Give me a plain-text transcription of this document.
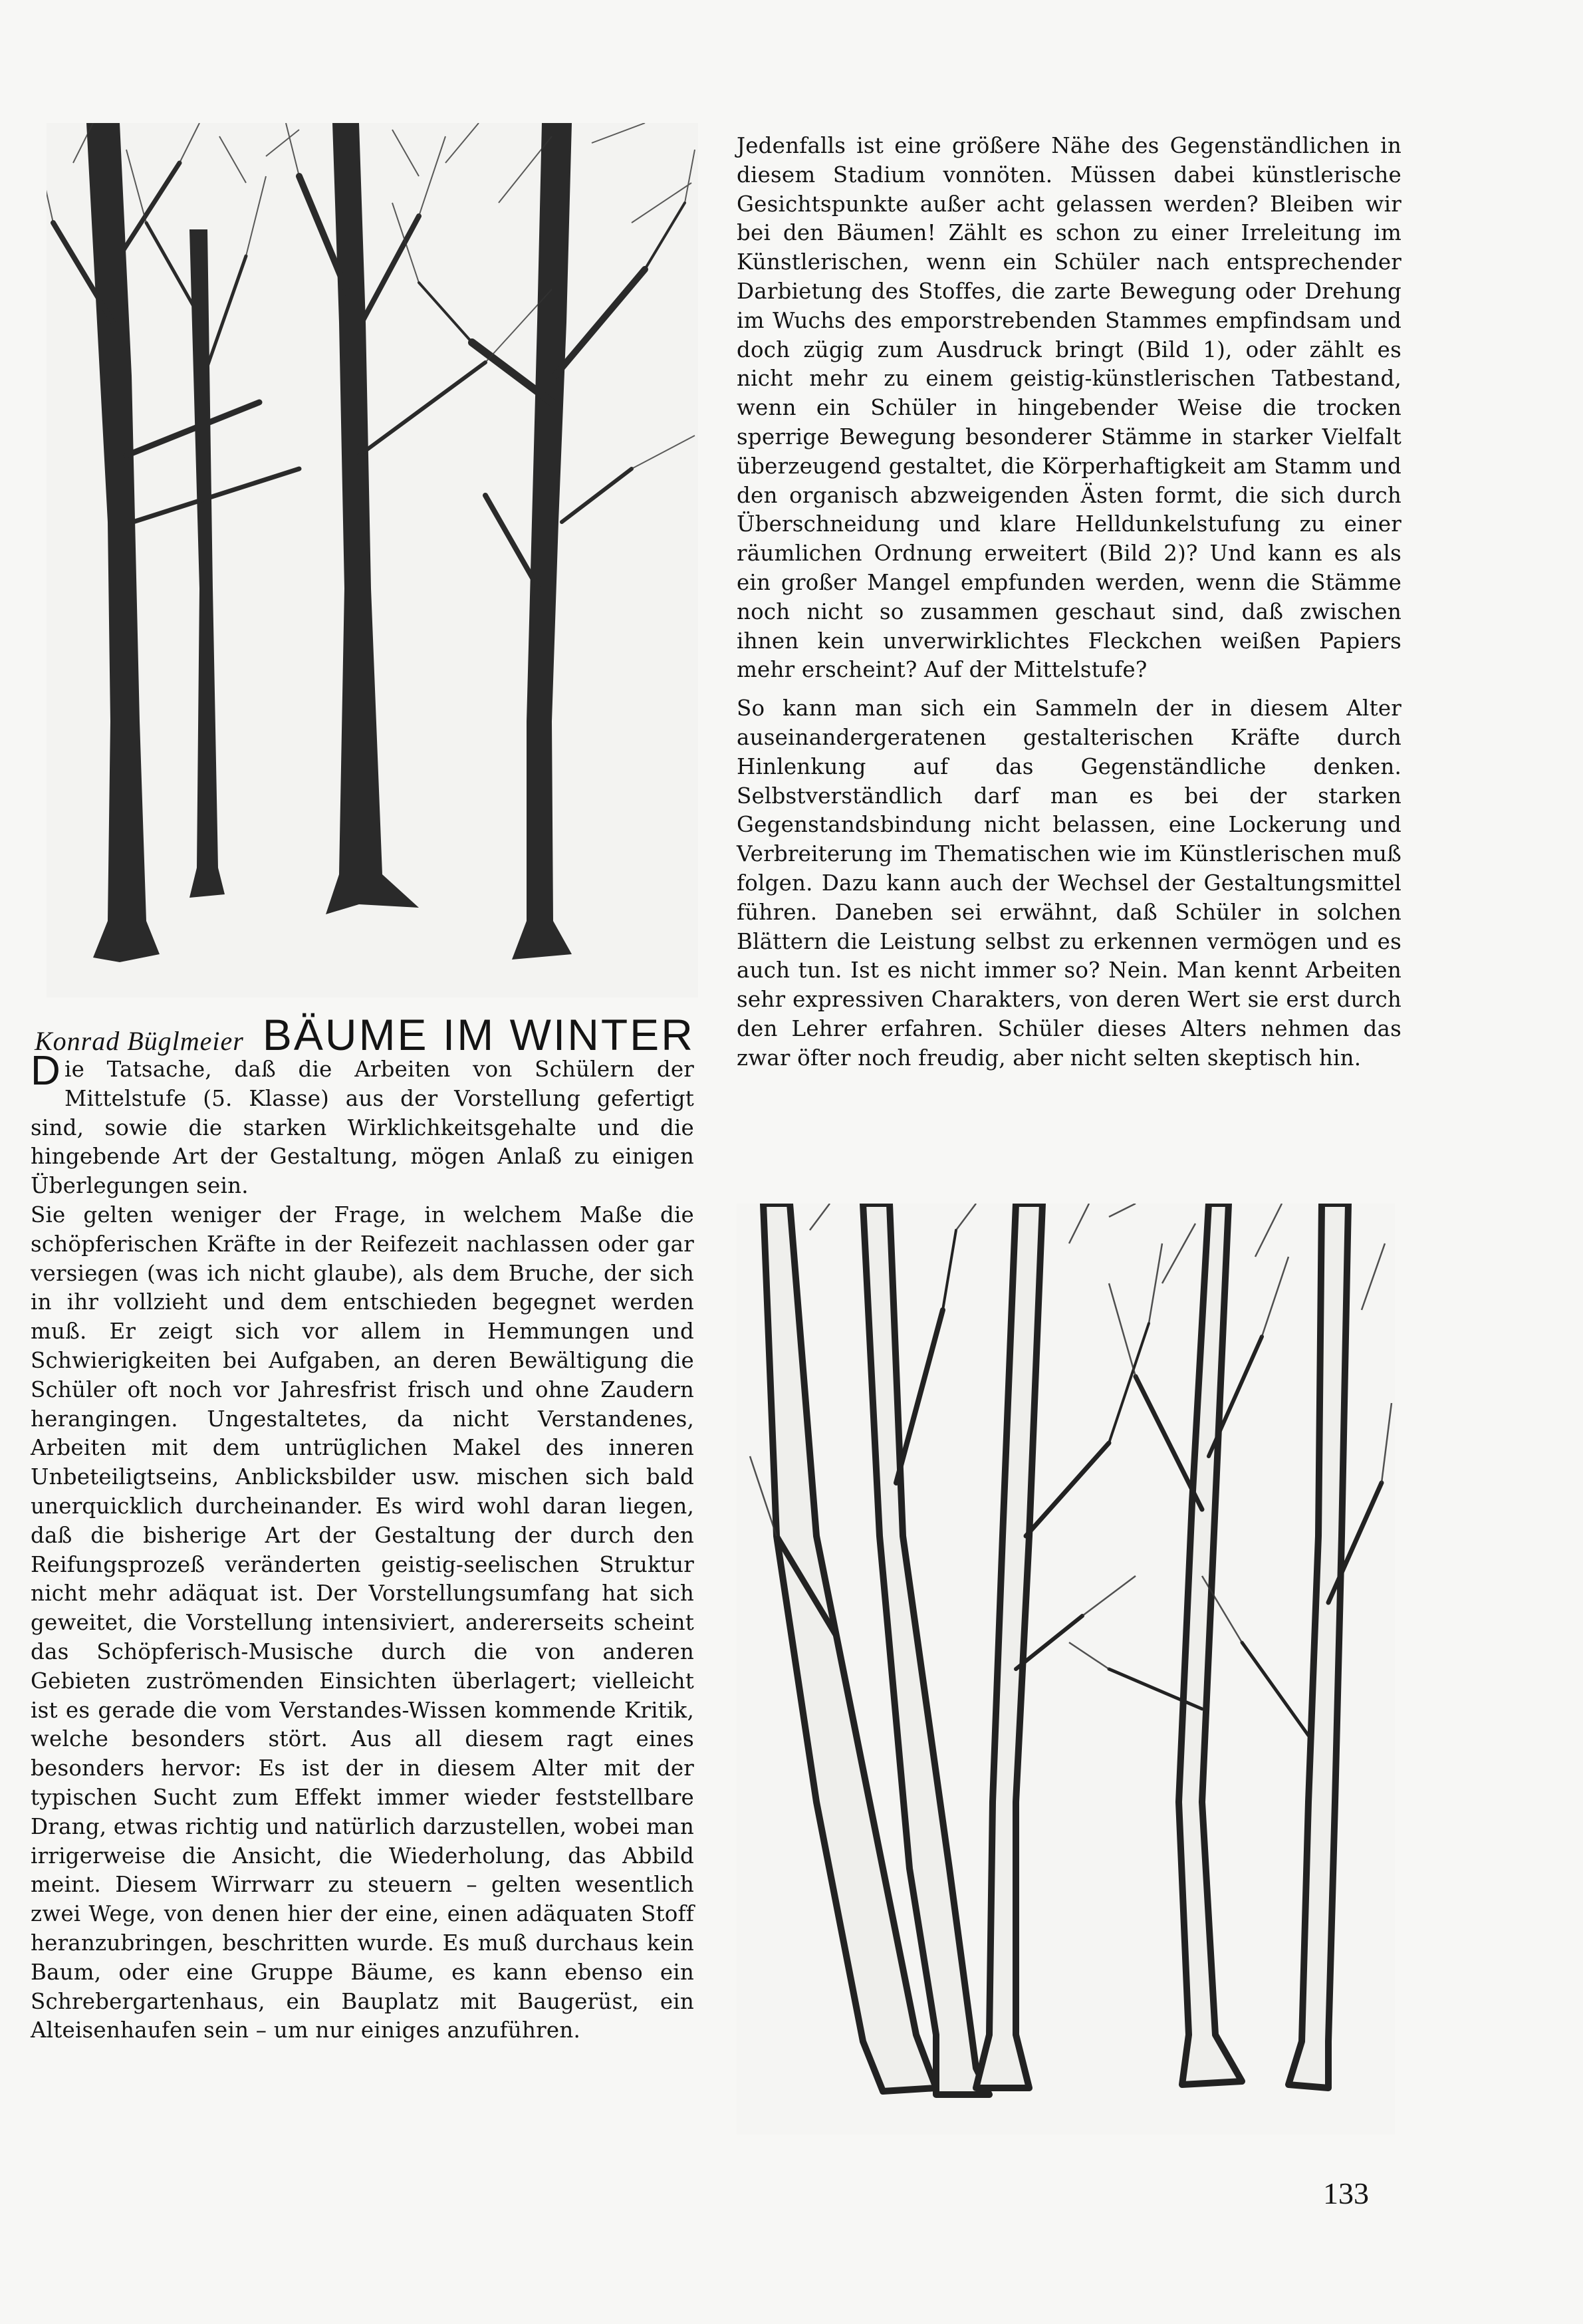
Konrad Büglmeier BÄUME IM WINTER

Die Tatsache, daß die Arbeiten von Schülern der Mittelstufe (5. Klasse) aus der Vorstellung gefertigt sind, sowie die starken Wirklichkeitsgehalte und die hingebende Art der Gestaltung, mögen Anlaß zu einigen Überlegungen sein.

Sie gelten weniger der Frage, in welchem Maße die schöpferischen Kräfte in der Reifezeit nachlassen oder gar versiegen (was ich nicht glaube), als dem Bruche, der sich in ihr vollzieht und dem entschieden begegnet werden muß. Er zeigt sich vor allem in Hemmungen und Schwierigkeiten bei Aufgaben, an deren Bewältigung die Schüler oft noch vor Jahresfrist frisch und ohne Zaudern herangingen. Ungestaltetes, da nicht Verstandenes, Arbeiten mit dem untrüglichen Makel des inneren Unbeteiligtseins, Anblicksbilder usw. mischen sich bald unerquicklich durcheinander. Es wird wohl daran liegen, daß die bisherige Art der Gestaltung der durch den Reifungsprozeß veränderten geistig-seelischen Struktur nicht mehr adäquat ist. Der Vorstellungsumfang hat sich geweitet, die Vorstellung intensiviert, andererseits scheint das Schöpferisch-Musische durch die von anderen Gebieten zuströmenden Einsichten überlagert; vielleicht ist es gerade die vom Verstandes-Wissen kommende Kritik, welche besonders stört. Aus all diesem ragt eines besonders hervor: Es ist der in diesem Alter mit der typischen Sucht zum Effekt immer wieder feststellbare Drang, etwas richtig und natürlich darzustellen, wobei man irrigerweise die Ansicht, die Wiederholung, das Abbild meint. Diesem Wirrwarr zu steuern – gelten wesentlich zwei Wege, von denen hier der eine, einen adäquaten Stoff heranzubringen, beschritten wurde. Es muß durchaus kein Baum, oder eine Gruppe Bäume, es kann ebenso ein Schrebergartenhaus, ein Bauplatz mit Baugerüst, ein Alteisenhaufen sein – um nur einiges anzuführen.

Jedenfalls ist eine größere Nähe des Gegenständlichen in diesem Stadium vonnöten. Müssen dabei künstlerische Gesichtspunkte außer acht gelassen werden? Bleiben wir bei den Bäumen! Zählt es schon zu einer Irreleitung im Künstlerischen, wenn ein Schüler nach entsprechender Darbietung des Stoffes, die zarte Bewegung oder Drehung im Wuchs des emporstrebenden Stammes empfindsam und doch zügig zum Ausdruck bringt (Bild 1), oder zählt es nicht mehr zu einem geistig-künstlerischen Tatbestand, wenn ein Schüler in hingebender Weise die trocken sperrige Bewegung besonderer Stämme in starker Vielfalt überzeugend gestaltet, die Körperhaftigkeit am Stamm und den organisch abzweigenden Ästen formt, die sich durch Überschneidung und klare Helldunkelstufung zu einer räumlichen Ordnung erweitert (Bild 2)? Und kann es als ein großer Mangel empfunden werden, wenn die Stämme noch nicht so zusammen geschaut sind, daß zwischen ihnen kein unverwirklichtes Fleckchen weißen Papiers mehr erscheint? Auf der Mittelstufe?

So kann man sich ein Sammeln der in diesem Alter auseinandergeratenen gestalterischen Kräfte durch Hinlenkung auf das Gegenständliche denken. Selbstverständlich darf man es bei der starken Gegenstandsbindung nicht belassen, eine Lockerung und Verbreiterung im Thematischen wie im Künstlerischen muß folgen. Dazu kann auch der Wechsel der Gestaltungsmittel führen. Daneben sei erwähnt, daß Schüler in solchen Blättern die Leistung selbst zu erkennen vermögen und es auch tun. Ist es nicht immer so? Nein. Man kennt Arbeiten sehr expressiven Charakters, von deren Wert sie erst durch den Lehrer erfahren. Schüler dieses Alters nehmen das zwar öfter noch freudig, aber nicht selten skeptisch hin.

133
